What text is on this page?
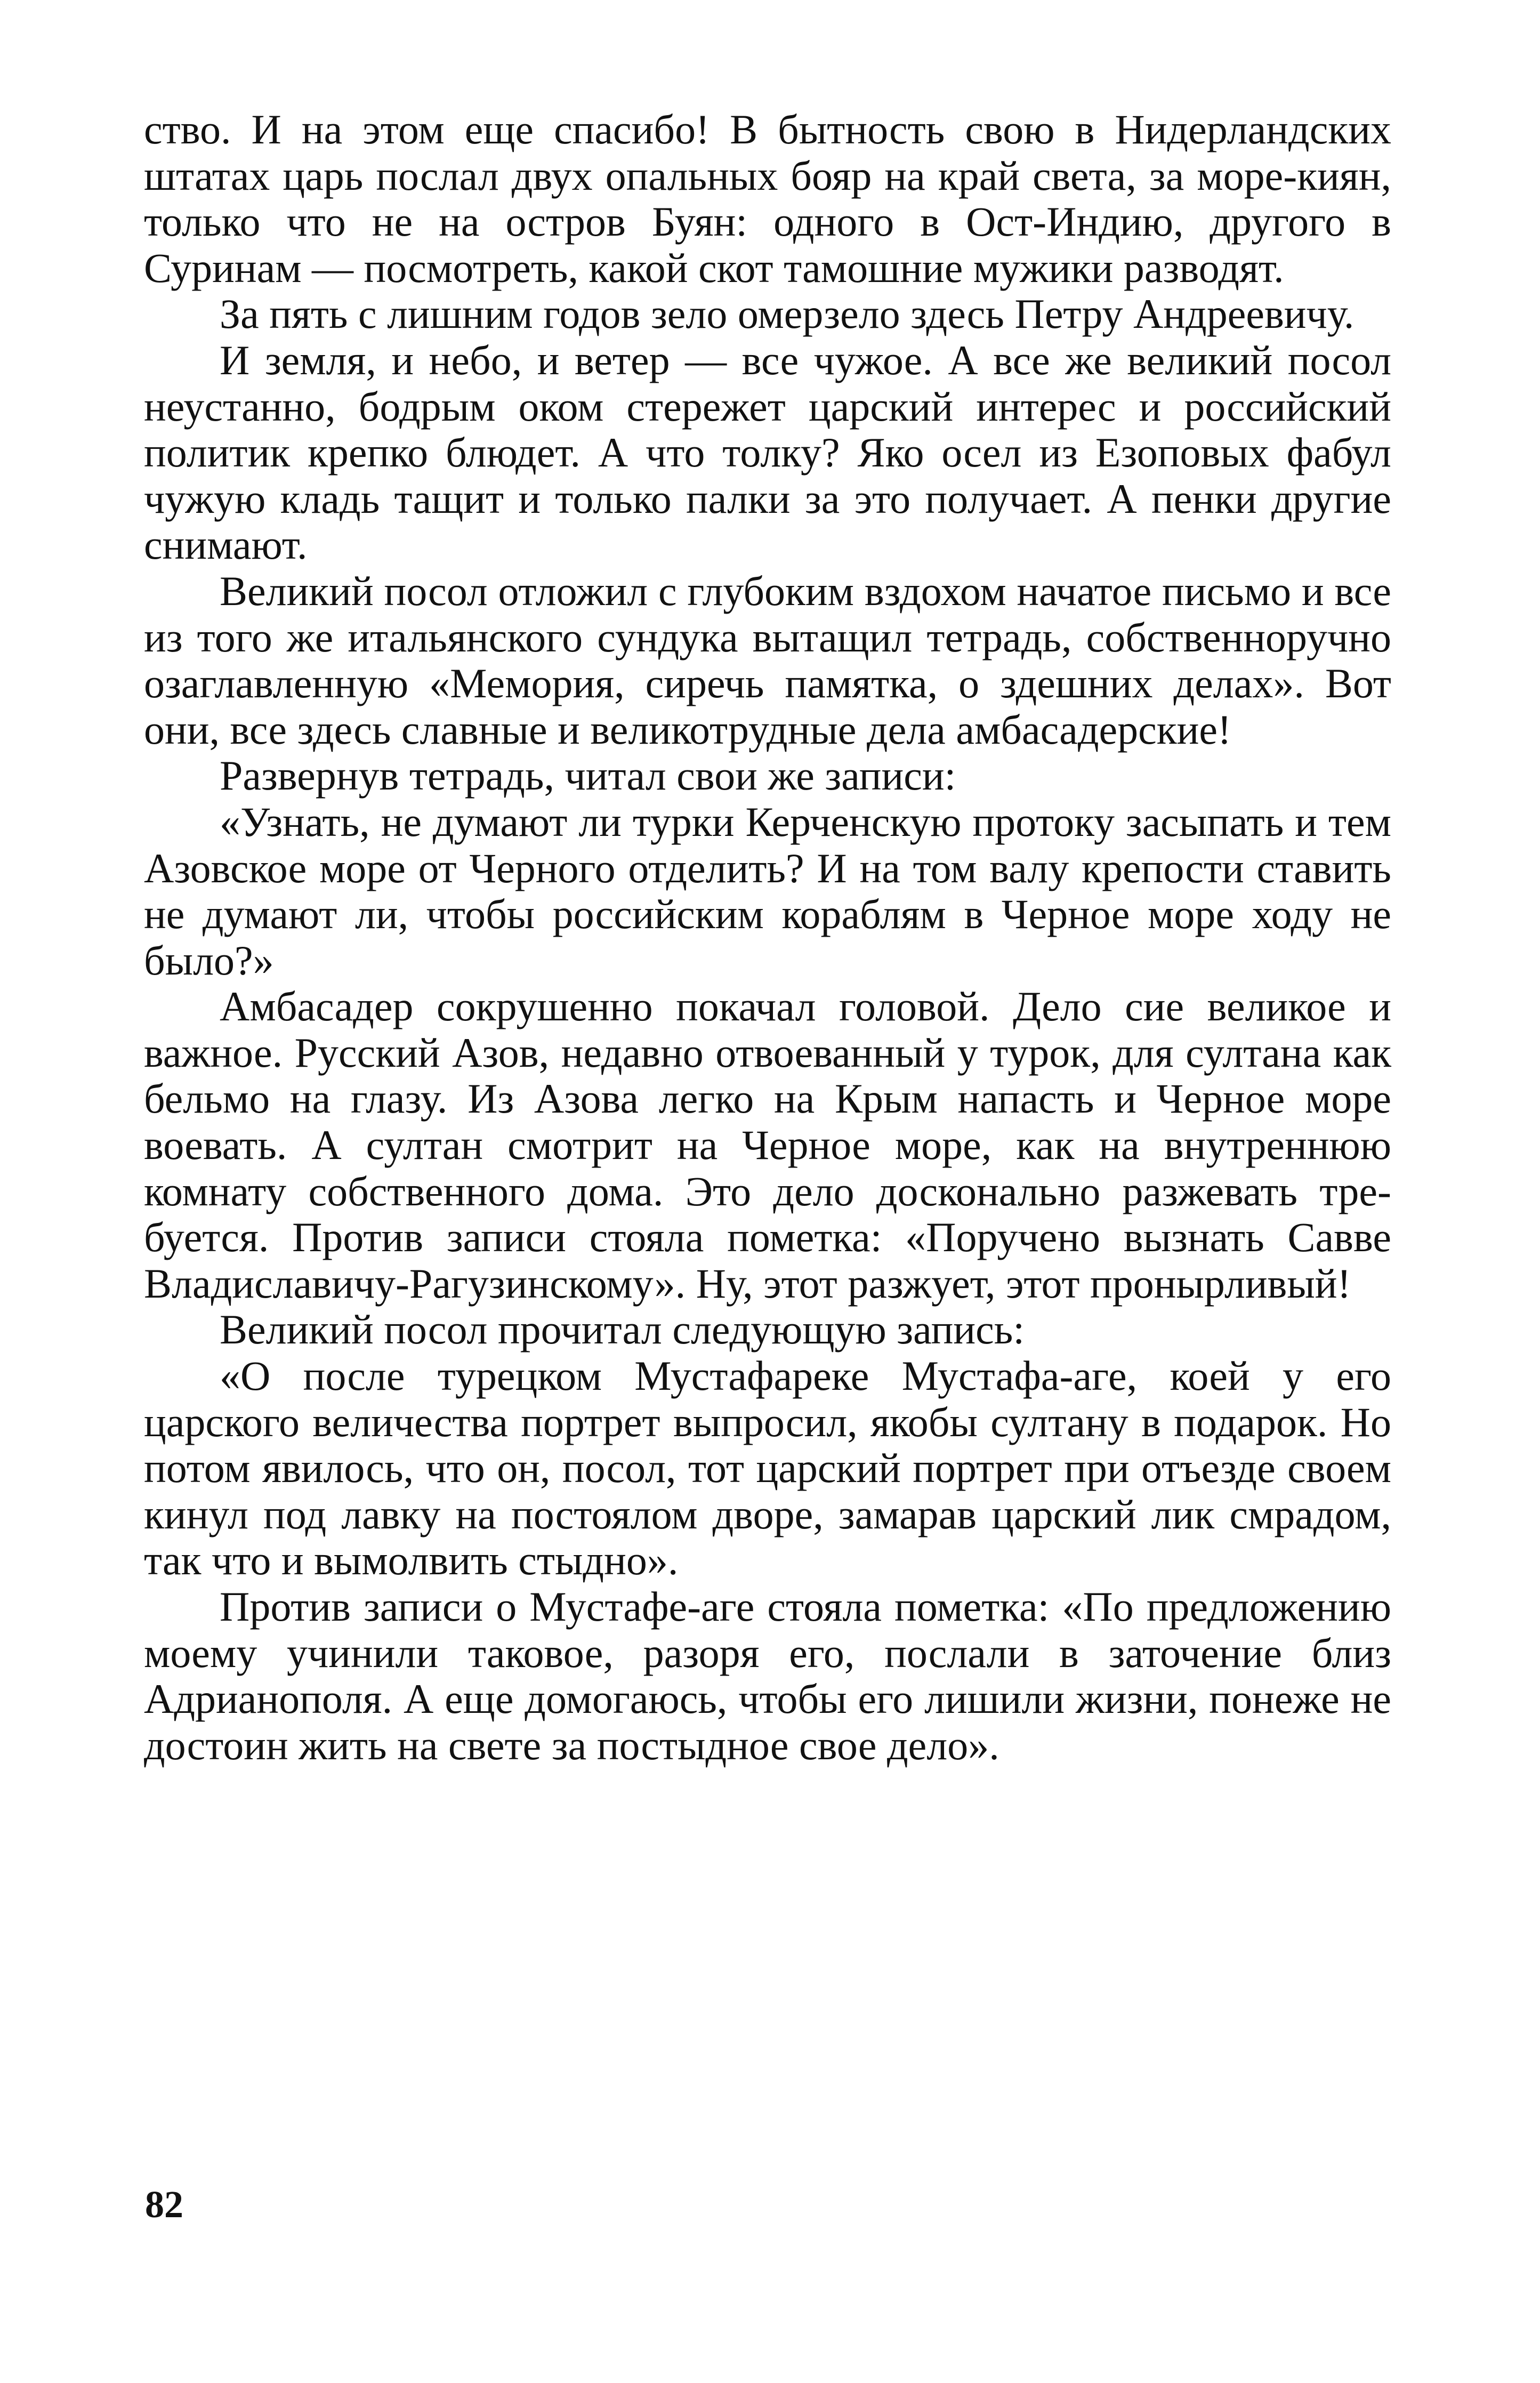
ство. И на этом еще спасибо! В бытность свою в Нидерландских штатах царь послал двух опальных бояр на край света, за море-киян, только что не на остров Буян: одного в Ост-Индию, другого в Суринам — посмотреть, какой скот тамошние мужики разводят.

За пять с лишним годов зело омерзело здесь Петру Андреевичу.

И земля, и небо, и ветер — все чужое. А все же великий посол неустанно, бодрым оком стережет царский интерес и российский политик крепко блюдет. А что толку? Яко осел из Езоповых фабул чужую кладь тащит и только палки за это получает. А пенки другие снимают.

Великий посол отложил с глубоким вздохом начатое письмо и все из того же итальянского сундука вытащил тетрадь, собственноручно озаглавленную «Мемория, сиречь памятка, о здешних делах». Вот они, все здесь славные и великотрудные дела амбасадерские!

Развернув тетрадь, читал свои же записи:

«Узнать, не думают ли турки Керченскую протоку засыпать и тем Азовское море от Черного отделить? И на том валу крепости ставить не думают ли, чтобы российским кораблям в Черное море ходу не было?»

Амбасадер сокрушенно покачал головой. Дело сие великое и важное. Русский Азов, недавно отвоеванный у турок, для султана как бельмо на глазу. Из Азова легко на Крым напасть и Черное море воевать. А султан смотрит на Черное море, как на внутреннюю комнату собственного дома. Это дело досконально разжевать требуется. Против записи стояла пометка: «Поручено вызнать Савве Владиславичу-Рагузинскому». Ну, этот разжует, этот пронырливый!

Великий посол прочитал следующую запись:

«О после турецком Мустафареке Мустафа-аге, коей у его царского величества портрет выпросил, якобы султану в подарок. Но потом явилось, что он, посол, тот царский портрет при отъезде своем кинул под лавку на постоялом дворе, замарав царский лик смрадом, так что и вымолвить стыдно».

Против записи о Мустафе-аге стояла пометка: «По предложению моему учинили таковое, разоря его, послали в заточение близ Адрианополя. А еще домогаюсь, чтобы его лишили жизни, понеже не достоин жить на свете за постыдное свое дело».

82
